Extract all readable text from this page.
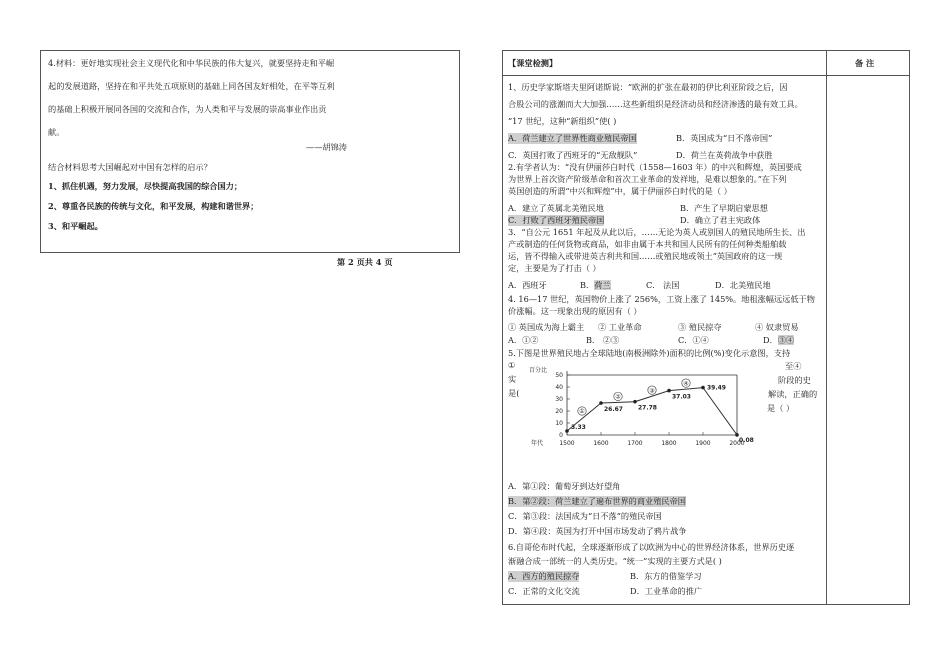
4.材料：更好地实现社会主义现代化和中华民族的伟大复兴，就要坚持走和平崛
起的发展道路，坚持在和平共处五项原则的基础上同各国友好相处，在平等互利
的基础上积极开展同各国的交流和合作，为人类和平与发展的崇高事业作出贡
献。
——胡锦涛
结合材料思考大国崛起对中国有怎样的启示？
1、抓住机遇，努力发展，尽快提高我国的综合国力；
2、尊重各民族的传统与文化，和平发展，构建和谐世界；
3、和平崛起。
第 2 页共 4 页
【课堂检测】	备 注
1、历史学家斯塔夫里阿诺斯说：“欧洲的扩张在最初的伊比利亚阶段之后，因
合股公司的涨潮而大大加强……这些新组织是经济动员和经济渗透的最有效工具。
”17 世纪，这种“新组织”使( )
A．荷兰建立了世界性商业殖民帝国	B．英国成为“日不落帝国”
C．英国打败了西班牙的“无敌舰队”	D．荷兰在英荷战争中获胜
2.有学者认为：“没有伊丽莎白时代（1558—1603 年）的中兴和辉煌，英国要成
为世界上首次资产阶级革命和首次工业革命的发祥地，是难以想象的。”在下列
英国创造的所谓“中兴和辉煌”中，属于伊丽莎白时代的是（ ）
A．建立了英属北美殖民地	B．产生了早期启蒙思想
C．打败了西班牙殖民帝国	D．确立了君主宪政体
3．“自公元 1651 年起及从此以后，……无论为英人或别国人的殖民地所生长、出
产或制造的任何货物或商品，如非由属于本共和国人民所有的任何种类船舶载
运，皆不得输入或带进英吉利共和国……或殖民地或领土”英国政府的这一规
定，主要是为了打击（ ）
A．西班牙	B．荷兰	C． 法国	D．北美殖民地
4. 16—17 世纪，英国物价上涨了 256%，工资上涨了 145%。地租涨幅远远低于物
价涨幅。这一现象出现的原因有（ ）
① 英国成为海上霸主 ② 工业革命	③ 殖民掠夺	④ 奴隶贸易
A．①②	B． ②③	C．①④	D．③④
5.下图是世界殖民地占全球陆地(南极洲除外)面积的比例(%)变化示意图，支持
①
实
是(
至④
阶段的史
解读，正确的
是（ ）
百分比
10
20
30
40
50
0
1500	1600	1700	1800	1900	2000
年代
3.33
26.67	27.78
37.03
39.49
0.08
①
②
③
④
A．第①段：葡萄牙到达好望角
B．第②段：荷兰建立了遍布世界的商业殖民帝国
C．第③段：法国成为“日不落”的殖民帝国
D．第④段：英国为打开中国市场发动了鸦片战争
6.自哥伦布时代起，全球逐渐形成了以欧洲为中心的世界经济体系，世界历史逐
渐融合成一部统一的人类历史。“统一”实现的主要方式是( )
A．西方的殖民掠夺	B．东方的借鉴学习
C．正常的文化交流	D．工业革命的推广
